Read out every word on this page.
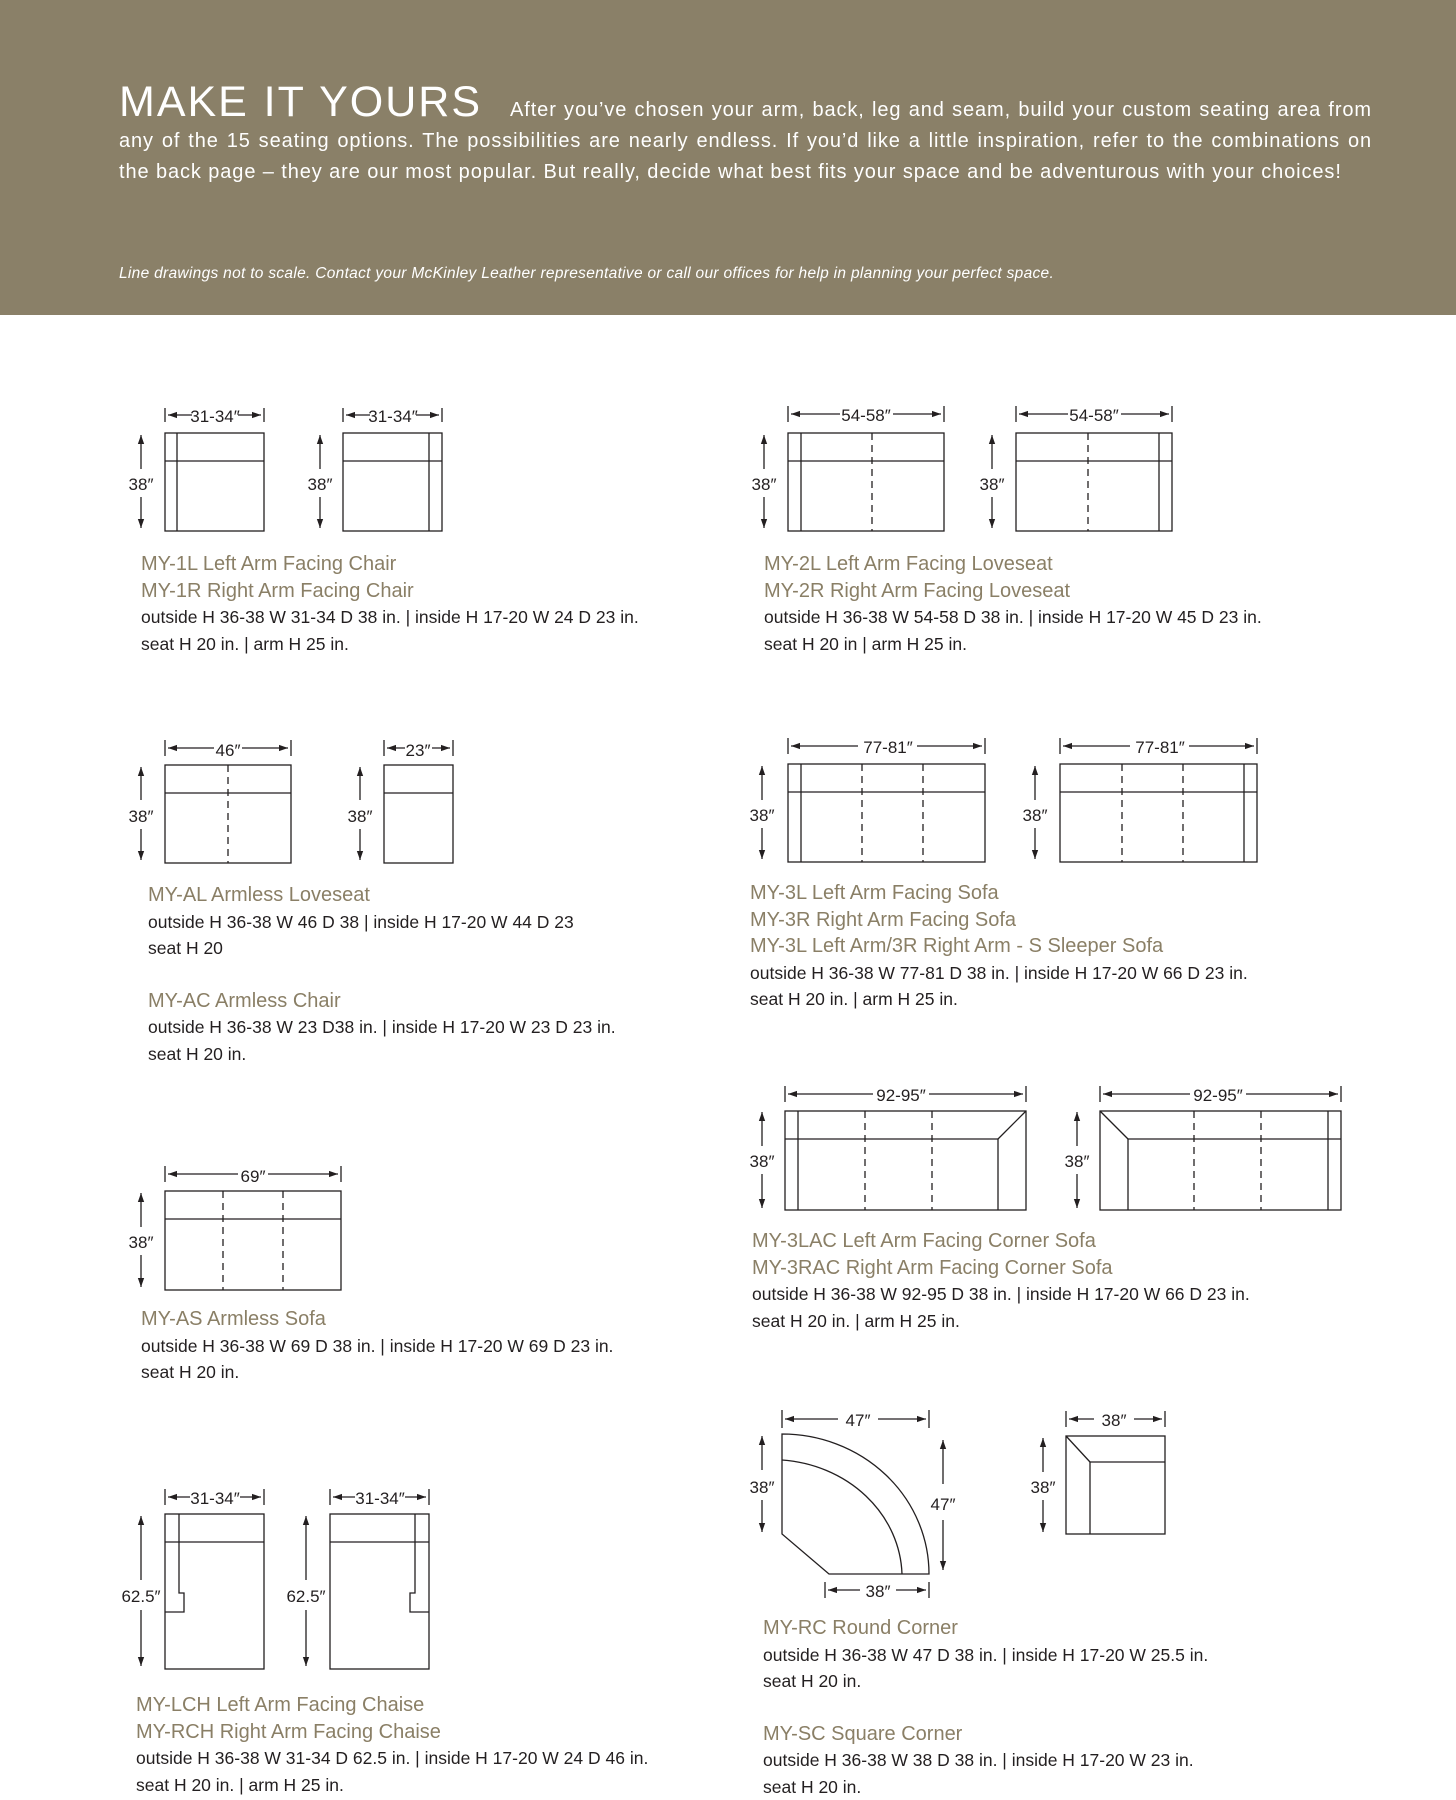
MAKE IT YOURS After you’ve chosen your arm, back, leg and seam, build your custom seating area from any of the 15 seating options. The possibilities are nearly endless. If you’d like a little inspiration, refer to the combinations on the back page – they are our most popular. But really, decide what best fits your space and be adventurous with your choices!

Line drawings not to scale. Contact your McKinley Leather representative or call our offices for help in planning your perfect space.

31-34″
38″
31-34″
38″
54-58″
38″
54-58″
38″
46″
38″
23″
38″
77-81″
38″
77-81″
38″
92-95″
38″
92-95″
38″
69″
38″
31-34″
62.5″
31-34″
62.5″
47″
38″
47″
38″
38″
38″
MY-1L Left Arm Facing Chair
MY-1R Right Arm Facing Chair
outside H 36-38 W 31-34 D 38 in. | inside H 17-20 W 24 D 23 in.
seat H 20 in. | arm H 25 in.
MY-2L Left Arm Facing Loveseat
MY-2R Right Arm Facing Loveseat
outside H 36-38 W 54-58 D 38 in. | inside H 17-20 W 45 D 23 in.
seat H 20 in | arm H 25 in.
MY-AL Armless Loveseat
outside H 36-38 W 46 D 38 | inside H 17-20 W 44 D 23
seat H 20
MY-AC Armless Chair
outside H 36-38 W 23 D38 in. | inside H 17-20 W 23 D 23 in.
seat H 20 in.
MY-3L Left Arm Facing Sofa
MY-3R Right Arm Facing Sofa
MY-3L Left Arm/3R Right Arm - S Sleeper Sofa
outside H 36-38 W 77-81 D 38 in. | inside H 17-20 W 66 D 23 in.
seat H 20 in. | arm H 25 in.
MY-3LAC Left Arm Facing Corner Sofa
MY-3RAC Right Arm Facing Corner Sofa
outside H 36-38 W 92-95 D 38 in. | inside H 17-20 W 66 D 23 in.
seat H 20 in. | arm H 25 in.
MY-AS Armless Sofa
outside H 36-38 W 69 D 38 in. | inside H 17-20 W 69 D 23 in.
seat H 20 in.
MY-LCH Left Arm Facing Chaise
MY-RCH Right Arm Facing Chaise
outside H 36-38 W 31-34 D 62.5 in. | inside H 17-20 W 24 D 46 in.
seat H 20 in. | arm H 25 in.
MY-RC Round Corner
outside H 36-38 W 47 D 38 in. | inside H 17-20 W 25.5 in.
seat H 20 in.
MY-SC Square Corner
outside H 36-38 W 38 D 38 in. | inside H 17-20 W 23 in.
seat H 20 in.
